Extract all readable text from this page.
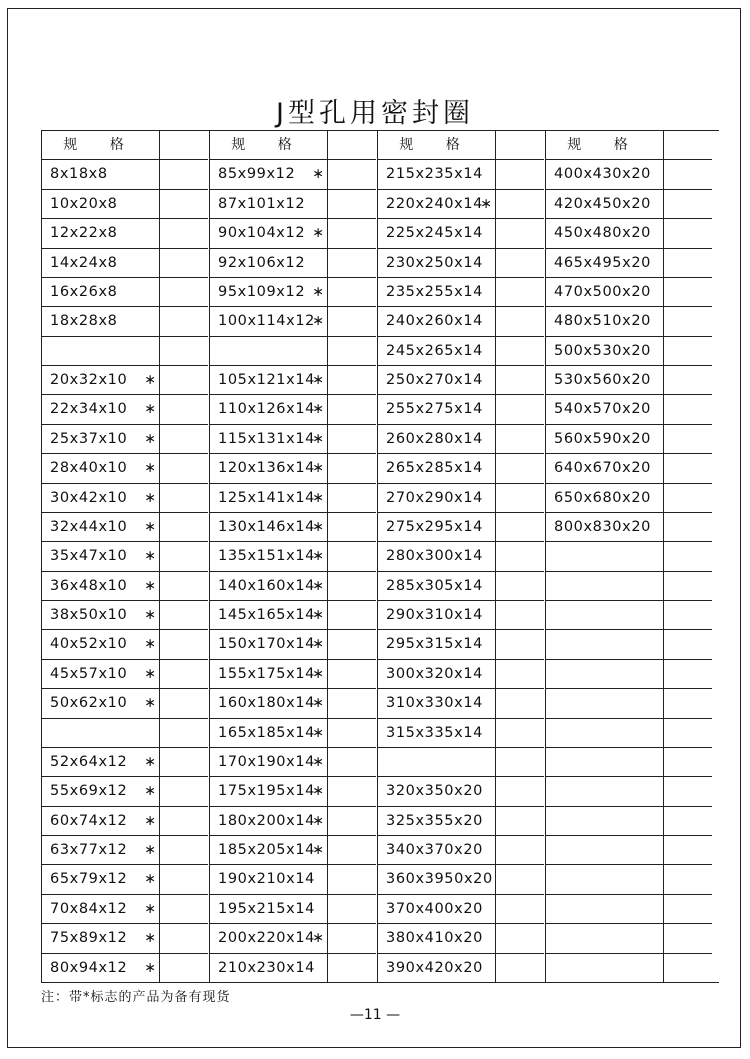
J型孔用密封圈
规 格
8x18x8
10x20x8
12x22x8
14x24x8
16x26x8
18x28x8
20x32x10 ∗
22x34x10 ∗
25x37x10 ∗
28x40x10 ∗
30x42x10 ∗
32x44x10 ∗
35x47x10 ∗
36x48x10 ∗
38x50x10 ∗
40x52x10 ∗
45x57x10 ∗
50x62x10 ∗
52x64x12 ∗
55x69x12 ∗
60x74x12 ∗
63x77x12 ∗
65x79x12 ∗
70x84x12 ∗
75x89x12 ∗
80x94x12 ∗
规 格
85x99x12 ∗
87x101x12
90x104x12 ∗
92x106x12
95x109x12 ∗
100x114x12
∗
105x121x14
∗
110x126x14
∗
115x131x14
∗
120x136x14
∗
125x141x14
∗
130x146x14
∗
135x151x14
∗
140x160x14
∗
145x165x14
∗
150x170x14
∗
155x175x14
∗
160x180x14
∗
165x185x14
∗
170x190x14
∗
175x195x14
∗
180x200x14
∗
185x205x14
∗
190x210x14
195x215x14
200x220x14
∗
210x230x14
规 格
215x235x14
220x240x14
∗
225x245x14
230x250x14
235x255x14
240x260x14
245x265x14
250x270x14
255x275x14
260x280x14
265x285x14
270x290x14
275x295x14
280x300x14
285x305x14
290x310x14
295x315x14
300x320x14
310x330x14
315x335x14
320x350x20
325x355x20
340x370x20
360x3950x20
370x400x20
380x410x20
390x420x20
规 格
400x430x20
420x450x20
450x480x20
465x495x20
470x500x20
480x510x20
500x530x20
530x560x20
540x570x20
560x590x20
640x670x20
650x680x20
800x830x20
注：带*标志的产品为备有现货
—11 —
